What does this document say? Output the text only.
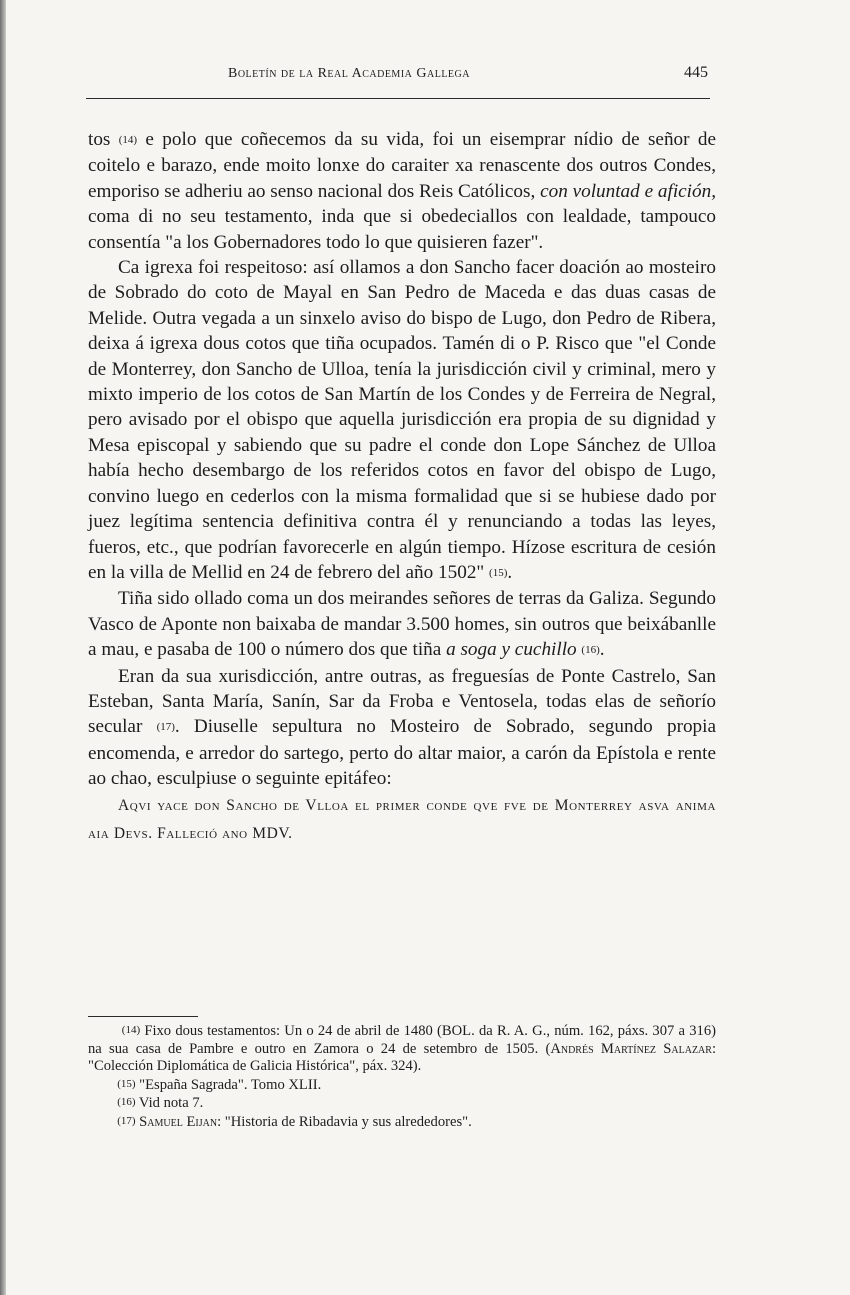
Boletín de la Real Academia Gallega	445

tos (14) e polo que coñecemos da su vida, foi un eisemprar nídio de señor de coitelo e barazo, ende moito lonxe do caraiter xa renascente dos outros Condes, emporiso se adheriu ao senso nacional dos Reis Católicos, con voluntad e afición, coma di no seu testamento, inda que si obedeciallos con lealdade, tampouco consentía "a los Gobernadores todo lo que quisieren fazer".

Ca igrexa foi respeitoso: así ollamos a don Sancho facer doación ao mosteiro de Sobrado do coto de Mayal en San Pedro de Maceda e das duas casas de Melide. Outra vegada a un sinxelo aviso do bispo de Lugo, don Pedro de Ribera, deixa á igrexa dous cotos que tiña ocupados. Tamén di o P. Risco que "el Conde de Monterrey, don Sancho de Ulloa, tenía la jurisdicción civil y criminal, mero y mixto imperio de los cotos de San Martín de los Condes y de Ferreira de Negral, pero avisado por el obispo que aquella jurisdicción era propia de su dignidad y Mesa episcopal y sabiendo que su padre el conde don Lope Sánchez de Ulloa había hecho desembargo de los referidos cotos en favor del obispo de Lugo, convino luego en cederlos con la misma formalidad que si se hubiese dado por juez legítima sentencia definitiva contra él y renunciando a todas las leyes, fueros, etc., que podrían favorecerle en algún tiempo. Hízose escritura de cesión en la villa de Mellid en 24 de febrero del año 1502" (15).

Tiña sido ollado coma un dos meirandes señores de terras da Galiza. Segundo Vasco de Aponte non baixaba de mandar 3.500 homes, sin outros que beixábanlle a mau, e pasaba de 100 o número dos que tiña a soga y cuchillo (16).

Eran da sua xurisdicción, antre outras, as freguesías de Ponte Castrelo, San Esteban, Santa María, Sanín, Sar da Froba e Ventosela, todas elas de señorío secular (17). Diuselle sepultura no Mosteiro de Sobrado, segundo propia encomenda, e arredor do sartego, perto do altar maior, a carón da Epístola e rente ao chao, esculpiuse o seguinte epitáfeo:

Aqvi yace don Sancho de Vlloa el primer conde qve fve de Monterrey asva anima aia Devs. Falleció ano MDV.

(14) Fixo dous testamentos: Un o 24 de abril de 1480 (BOL. da R. A. G., núm. 162, páxs. 307 a 316) na sua casa de Pambre e outro en Zamora o 24 de setembro de 1505. (Andrés Martínez Salazar: "Colección Diplomática de Galicia Histórica", páx. 324).

(15) "España Sagrada". Tomo XLII.

(16) Vid nota 7.

(17) Samuel Eijan: "Historia de Ribadavia y sus alrededores".
